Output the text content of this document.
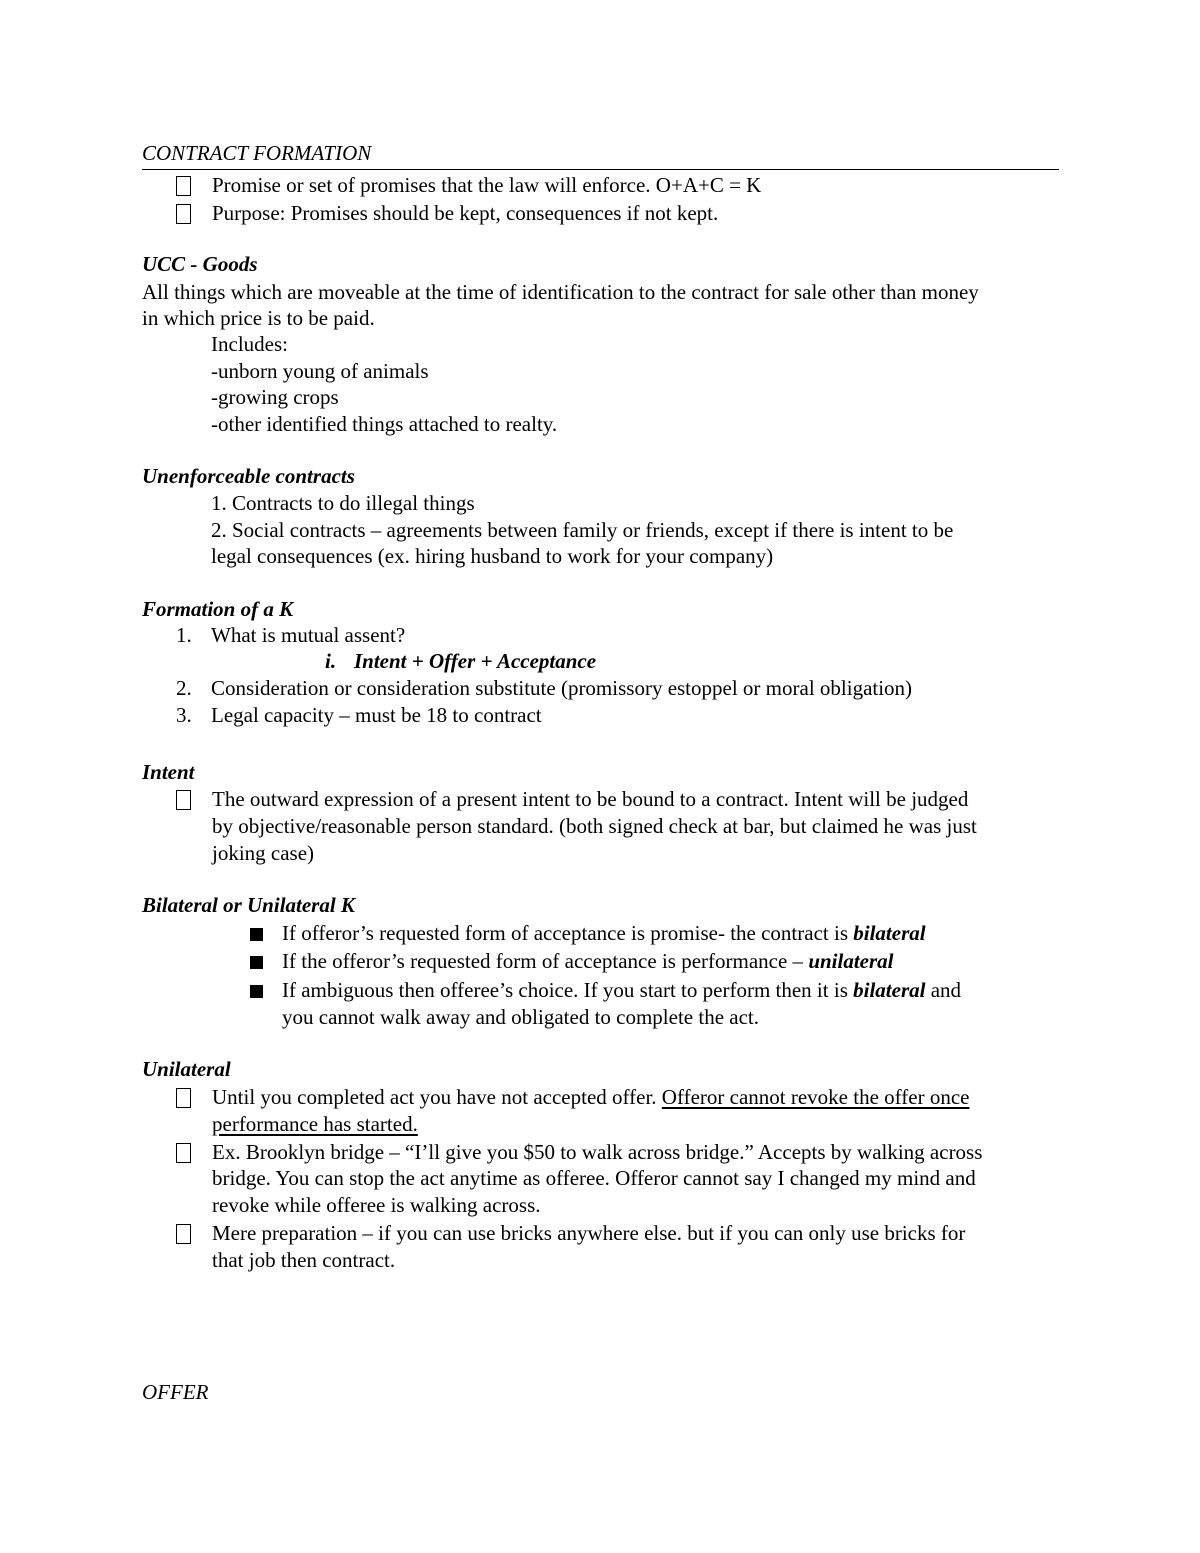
CONTRACT FORMATION
Promise or set of promises that the law will enforce. O+A+C = K
Purpose: Promises should be kept, consequences if not kept.
UCC - Goods
All things which are moveable at the time of identification to the contract for sale other than money
in which price is to be paid.
Includes:
-unborn young of animals
-growing crops
-other identified things attached to realty.
Unenforceable contracts
1. Contracts to do illegal things
2. Social contracts – agreements between family or friends, except if there is intent to be
legal consequences (ex. hiring husband to work for your company)
Formation of a K
1. What is mutual assent?
i. Intent + Offer + Acceptance
2. Consideration or consideration substitute (promissory estoppel or moral obligation)
3. Legal capacity – must be 18 to contract
Intent
The outward expression of a present intent to be bound to a contract. Intent will be judged
by objective/reasonable person standard. (both signed check at bar, but claimed he was just
joking case)
Bilateral or Unilateral K
If offeror’s requested form of acceptance is promise- the contract is bilateral
If the offeror’s requested form of acceptance is performance – unilateral
If ambiguous then offeree’s choice. If you start to perform then it is bilateral and
you cannot walk away and obligated to complete the act.
Unilateral
Until you completed act you have not accepted offer. Offeror cannot revoke the offer once
performance has started.
Ex. Brooklyn bridge – “I’ll give you $50 to walk across bridge.” Accepts by walking across
bridge. You can stop the act anytime as offeree. Offeror cannot say I changed my mind and
revoke while offeree is walking across.
Mere preparation – if you can use bricks anywhere else. but if you can only use bricks for
that job then contract.
OFFER
